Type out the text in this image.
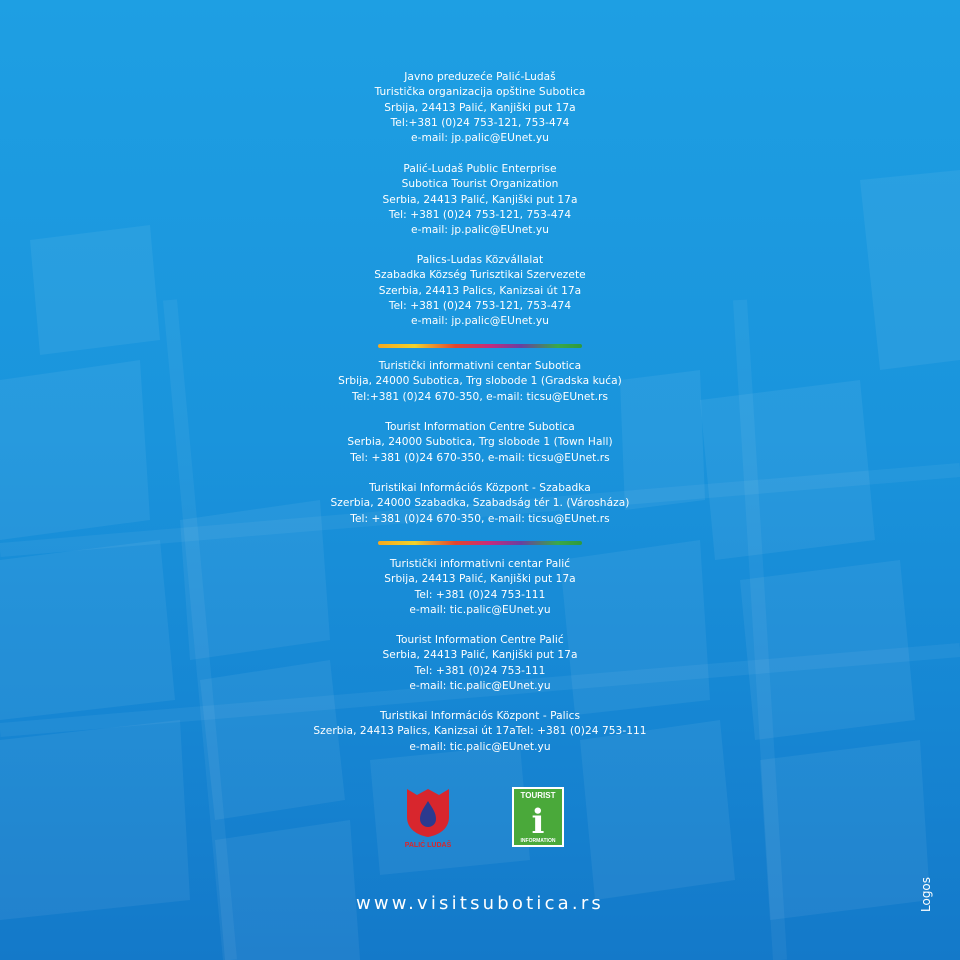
Javno preduzeće Palić-Ludaš
Turistička organizacija opštine Subotica
Srbija, 24413 Palić, Kanjiški put 17a
Tel:+381 (0)24 753-121, 753-474
e-mail: jp.palic@EUnet.yu
Palić-Ludaš Public Enterprise
Subotica Tourist Organization
Serbia, 24413 Palić, Kanjiški put 17a
Tel: +381 (0)24 753-121, 753-474
e-mail: jp.palic@EUnet.yu
Palics-Ludas Közvállalat
Szabadka Község Turisztikai Szervezete
Szerbia, 24413 Palics, Kanizsai út 17a
Tel: +381 (0)24 753-121, 753-474
e-mail: jp.palic@EUnet.yu
Turistički informativni centar Subotica
Srbija, 24000 Subotica, Trg slobode 1 (Gradska kuća)
Tel:+381 (0)24 670-350, e-mail: ticsu@EUnet.rs
Tourist Information Centre Subotica
Serbia, 24000 Subotica, Trg slobode 1 (Town Hall)
Tel: +381 (0)24 670-350, e-mail: ticsu@EUnet.rs
Turistikai Információs Központ - Szabadka
Szerbia, 24000 Szabadka, Szabadság tér 1. (Városháza)
Tel: +381 (0)24 670-350, e-mail: ticsu@EUnet.rs
Turistički informativni centar Palić
Srbija, 24413 Palić, Kanjiški put 17a
Tel: +381 (0)24 753-111
e-mail: tic.palic@EUnet.yu
Tourist Information Centre Palić
Serbia, 24413 Palić, Kanjiški put 17a
Tel: +381 (0)24 753-111
e-mail: tic.palic@EUnet.yu
Turistikai Információs Központ - Palics
Szerbia, 24413 Palics, Kanizsai út 17aTel: +381 (0)24 753-111
e-mail: tic.palic@EUnet.yu
PALIĆ LUDAŠ
TOURIST
i
INFORMATION
www.visitsubotica.rs	Logos
